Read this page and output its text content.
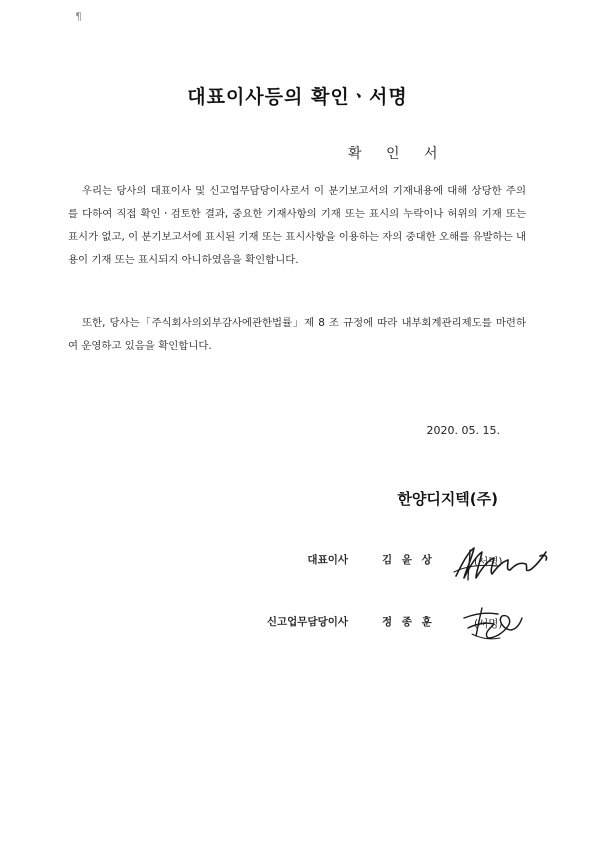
¶
대표이사등의 확인ㆍ서명
확 인 서

우리는 당사의 대표이사 및 신고업무담당이사로서 이 분기보고서의 기재내용에 대해 상당한 주의를 다하여 직접 확인ㆍ검토한 결과, 중요한 기재사항의 기재 또는 표시의 누락이나 허위의 기재 또는 표시가 없고, 이 분기보고서에 표시된 기재 또는 표시사항을 이용하는 자의 중대한 오해를 유발하는 내용이 기재 또는 표시되지 아니하였음을 확인합니다.

또한, 당사는「주식회사의외부감사에관한법률」제 8 조 규정에 따라 내부회계관리제도를 마련하여 운영하고 있음을 확인합니다.

2020. 05. 15.
한양디지텍(주)
대표이사	김 윤 상	(서명)
신고업무담당이사	정 종 훈	(서명)
